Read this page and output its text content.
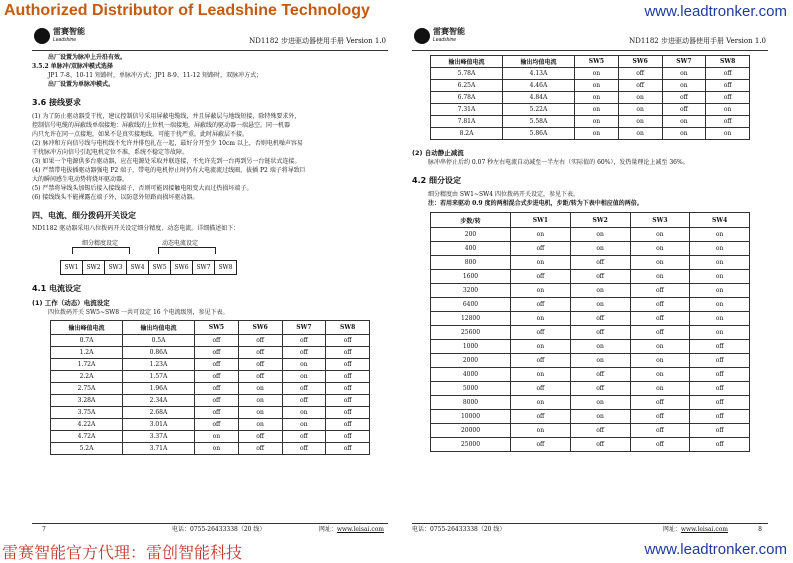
Authorized Distributor of Leadshine Technology	www.leadtronker.com
雷赛智能
Leadshine	ND1182 步进驱动器使用手册 Version 1.0

出厂设置为脉冲上升沿有效。

3.5.2 单脉冲/双脉冲模式选择

JP1 7-8、10-11 短路时，单脉冲方式；JP1 8-9、11-12 短路时，双脉冲方式；

出厂设置为单脉冲模式。

3.6 接线要求

(1) 为了防止驱动器受干扰，建议控制信号采用屏蔽电缆线，并且屏蔽层与地线短接，除特殊要求外，

控制信号电缆的屏蔽线单端接地：屏蔽线的上位机一端接地，屏蔽线的驱动器一端悬空。同一机器

内只允许在同一点接地，如果不是真实接地线，可能干扰严重，此时屏蔽层不接。

(2) 脉冲和方向信号线与电机线不允许并排包扎在一起，最好分开至少 10cm 以上，否则电机噪声容易

干扰脉冲方向信号引起电机定位不准，系统不稳定等故障。

(3) 如果一个电源供多台驱动器，应在电源处采取并联连接，不允许先到一台再到另一台链状式连接。

(4) 严禁带电拔插驱动器强电 P2 端子，带电的电机停止时仍有大电流流过线圈，拔插 P2 端子将导致巨

大的瞬间感生电动势将烧坏驱动器。

(5) 严禁将导线头加锡后接入接线端子，否则可能因接触电阻变大而过热损坏端子。

(6) 接线线头不能裸露在端子外，以防意外短路而损坏驱动器。

四、电流、细分拨码开关设定

ND1182 驱动器采用八位拨码开关设定细分精度、动态电流。详细描述如下：

细分精度设定	动态电流设定
SW1	SW2	SW3	SW4	SW5	SW6	SW7	SW8
4.1 电流设定
(1) 工作（动态）电流设定

四位拨码开关 SW5~SW8 一共可设定 16 个电流级别，参见下表。

输出峰值电流	输出均值电流	SW5	SW6	SW7	SW8
0.7A	0.5A	off	off	off	off
1.2A	0.86A	off	off	off	off
1.72A	1.23A	off	off	on	off
2.2A	1.57A	off	off	on	off
2.75A	1.96A	off	on	off	off
3.28A	2.34A	off	on	off	off
3.75A	2.68A	off	on	on	off
4.22A	3.01A	off	on	on	off
4.72A	3.37A	on	off	off	off
5.2A	3.71A	on	off	off	off
7	电话：0755-26433338（20 线）	网址：www.leisai.com
雷赛智能
Leadshine	ND1182 步进驱动器使用手册 Version 1.0
输出峰值电流	输出均值电流	SW5	SW6	SW7	SW8
5.78A	4.13A	on	off	on	off
6.25A	4.46A	on	off	on	off
6.78A	4.84A	on	on	off	off
7.31A	5.22A	on	on	off	on
7.81A	5.58A	on	on	on	off
8.2A	5.86A	on	on	on	on
(2) 自动静止减流

脉冲串停止后约 0.07 秒左右电流自动减至一半左右（实际值的 60%），发热量理论上减至 36%。

4.2 细分设定

细分精度由 SW1~SW4 四位拨码开关设定，参见下表。

注：若用来驱动 0.9 度的两相混合式步进电机，步距/转为下表中相应值的两倍。

步数/转	SW1	SW2	SW3	SW4
200	on	on	on	on
400	off	on	on	on
800	on	off	on	on
1600	off	off	on	on
3200	on	on	off	on
6400	off	on	off	on
12800	on	off	off	on
25600	off	off	off	on
1000	on	on	on	off
2000	off	on	on	off
4000	on	off	on	off
5000	off	off	on	off
8000	on	on	off	off
10000	off	on	off	off
20000	on	off	off	off
25000	off	off	off	off
电话：0755-26433338（20 线）	网址：www.leisai.com	8
雷赛智能官方代理：雷创智能科技	www.leadtronker.com
